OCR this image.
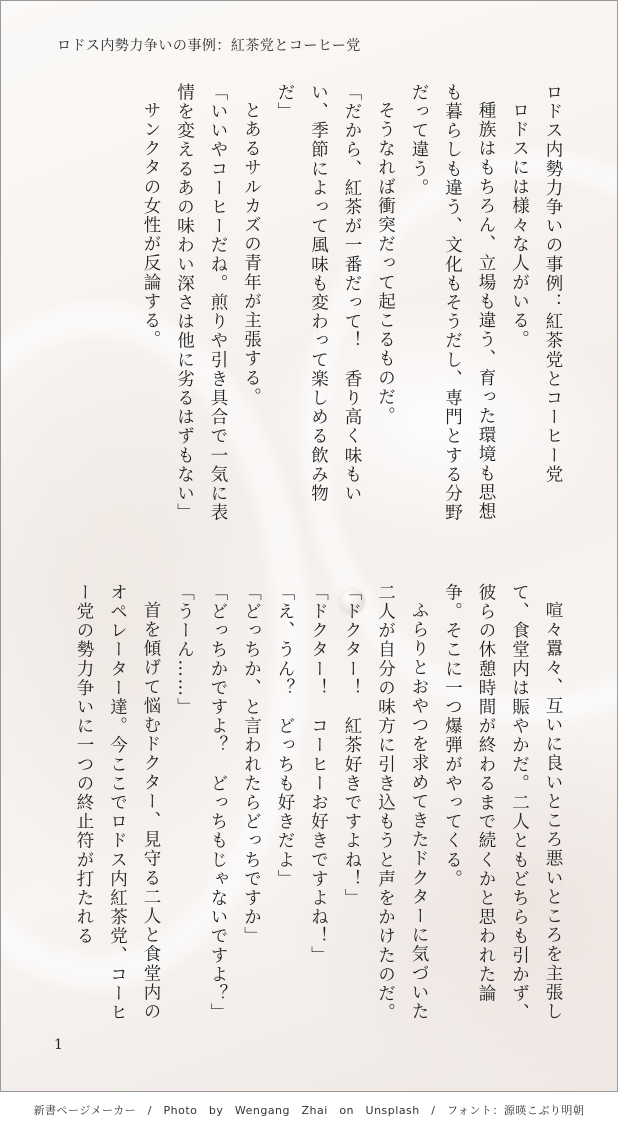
ロドス内勢力争いの事例：紅茶党とコーヒー党

ロドス内勢力争いの事例：紅茶党とコーヒー党

ロドスには様々な人がいる。

種族はもちろん、立場も違う、育った環境も思想も暮らしも違う、文化もそうだし、専門とする分野だって違う。

そうなれば衝突だって起こるものだ。

「だから、紅茶が一番だって！　香り高く味もいい、季節によって風味も変わって楽しめる飲み物だ」

とあるサルカズの青年が主張する。

「いいやコーヒーだね。煎りや引き具合で一気に表情を変えるあの味わい深さは他に劣るはずもない」

サンクタの女性が反論する。

喧々囂々、互いに良いところ悪いところを主張して、食堂内は賑やかだ。二人ともどちらも引かず、彼らの休憩時間が終わるまで続くかと思われた論争。そこに一つ爆弾がやってくる。

ふらりとおやつを求めてきたドクターに気づいた二人が自分の味方に引き込もうと声をかけたのだ。

「ドクター！　紅茶好きですよね！」

「ドクター！　コーヒーお好きですよね！」

「え、うん？　どっちも好きだよ」

「どっちか、と言われたらどっちですか」

「どっちかですよ？　どっちもじゃないですよ？」

「うーん……」

首を傾げて悩むドクター、見守る二人と食堂内のオペレーター達。今ここでロドス内紅茶党、コーヒー党の勢力争いに一つの終止符が打たれる

1
新書ページメーカー　/　Photo　by　Wengang　Zhai　on　Unsplash　/　フォント：源暎こぶり明朝
